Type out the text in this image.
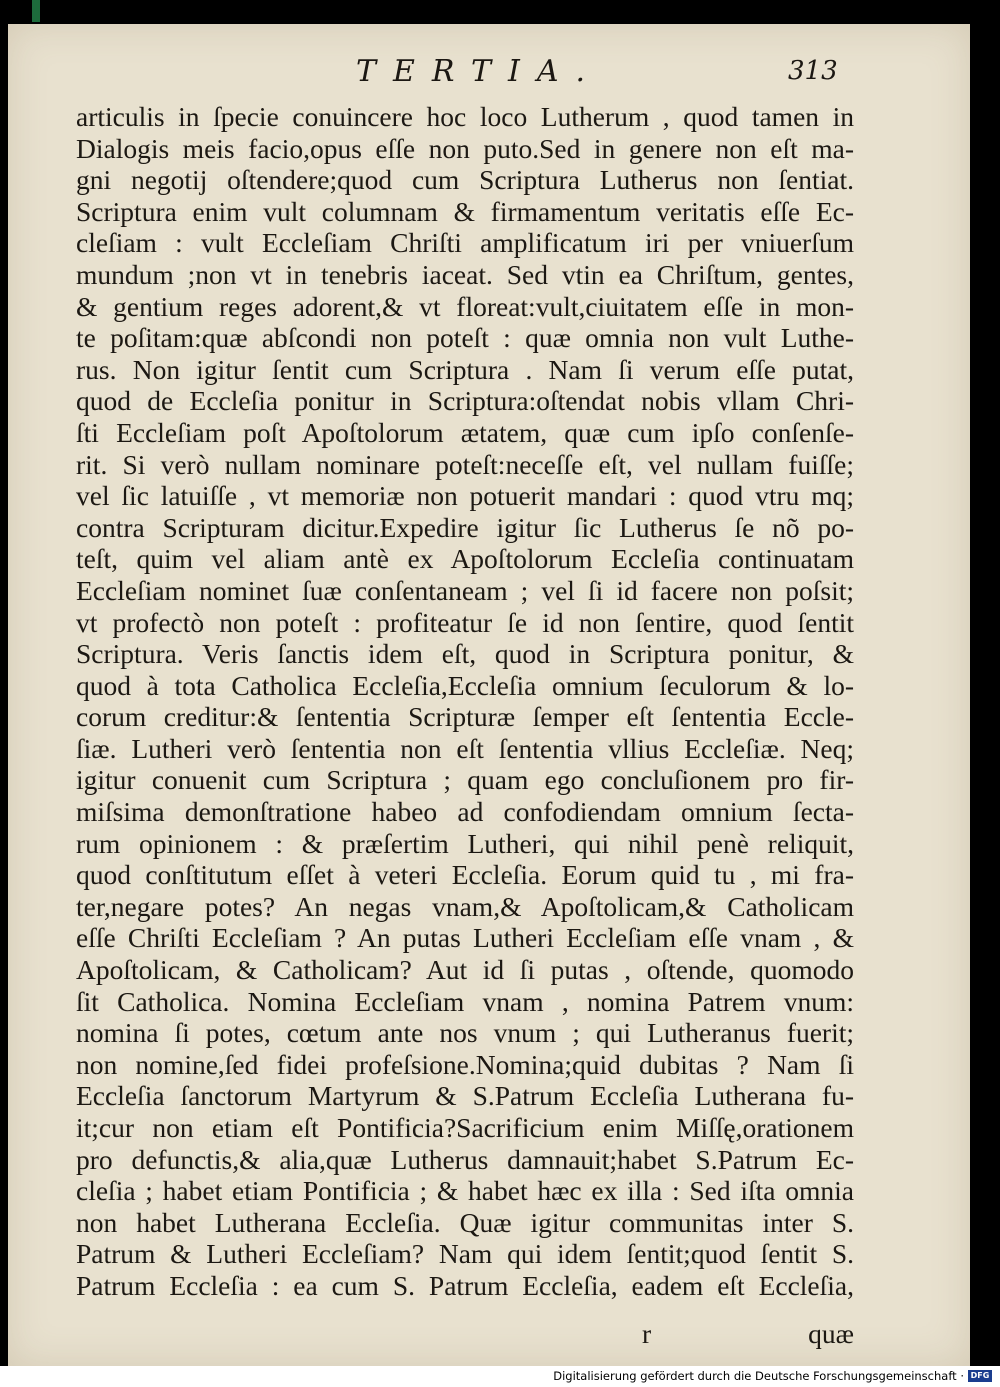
TERTIA.	313
articulis in ſpecie conuincere hoc loco Lutherum , quod tamen in
Dialogis meis facio,opus eſſe non puto.Sed in genere non eſt ma-
gni negotij oſtendere;quod cum Scriptura Lutherus non ſentiat.
Scriptura enim vult columnam & firmamentum veritatis eſſe Ec-
cleſiam : vult Eccleſiam Chriſti amplificatum iri per vniuerſum
mundum ;non vt in tenebris iaceat. Sed vtin ea Chriſtum, gentes,
& gentium reges adorent,& vt floreat:vult,ciuitatem eſſe in mon-
te poſitam:quæ abſcondi non poteſt : quæ omnia non vult Luthe-
rus. Non igitur ſentit cum Scriptura . Nam ſi verum eſſe putat,
quod de Eccleſia ponitur in Scriptura:oſtendat nobis vllam Chri-
ſti Eccleſiam poſt Apoſtolorum ætatem, quæ cum ipſo conſenſe-
rit. Si verò nullam nominare poteſt:neceſſe eſt, vel nullam fuiſſe;
vel ſic latuiſſe , vt memoriæ non potuerit mandari : quod vtru mq;
contra Scripturam dicitur.Expedire igitur ſic Lutherus ſe nõ po-
teſt, quim vel aliam antè ex Apoſtolorum Eccleſia continuatam
Eccleſiam nominet ſuæ conſentaneam ; vel ſi id facere non poſsit;
vt profectò non poteſt : profiteatur ſe id non ſentire, quod ſentit
Scriptura. Veris ſanctis idem eſt, quod in Scriptura ponitur, &
quod à tota Catholica Eccleſia,Eccleſia omnium ſeculorum & lo-
corum creditur:& ſententia Scripturæ ſemper eſt ſententia Eccle-
ſiæ. Lutheri verò ſententia non eſt ſententia vllius Eccleſiæ. Neq;
igitur conuenit cum Scriptura ; quam ego concluſionem pro fir-
miſsima demonſtratione habeo ad confodiendam omnium ſecta-
rum opinionem : & præſertim Lutheri, qui nihil penè reliquit,
quod conſtitutum eſſet à veteri Eccleſia. Eorum quid tu , mi fra-
ter,negare potes? An negas vnam,& Apoſtolicam,& Catholicam
eſſe Chriſti Eccleſiam ? An putas Lutheri Eccleſiam eſſe vnam , &
Apoſtolicam, & Catholicam? Aut id ſi putas , oſtende, quomodo
ſit Catholica. Nomina Eccleſiam vnam , nomina Patrem vnum:
nomina ſi potes, cœtum ante nos vnum ; qui Lutheranus fuerit;
non nomine,ſed fidei profeſsione.Nomina;quid dubitas ? Nam ſi
Eccleſia ſanctorum Martyrum & S.Patrum Eccleſia Lutherana fu-
it;cur non etiam eſt Pontificia?Sacrificium enim Miſſę,orationem
pro defunctis,& alia,quæ Lutherus damnauit;habet S.Patrum Ec-
cleſia ; habet etiam Pontificia ; & habet hæc ex illa : Sed iſta omnia
non habet Lutherana Eccleſia. Quæ igitur communitas inter S.
Patrum & Lutheri Eccleſiam? Nam qui idem ſentit;quod ſentit S.
Patrum Eccleſia : ea cum S. Patrum Eccleſia, eadem eſt Eccleſia,
r	quæ
Digitalisierung gefördert durch die Deutsche Forschungsgemeinschaft · DFG
